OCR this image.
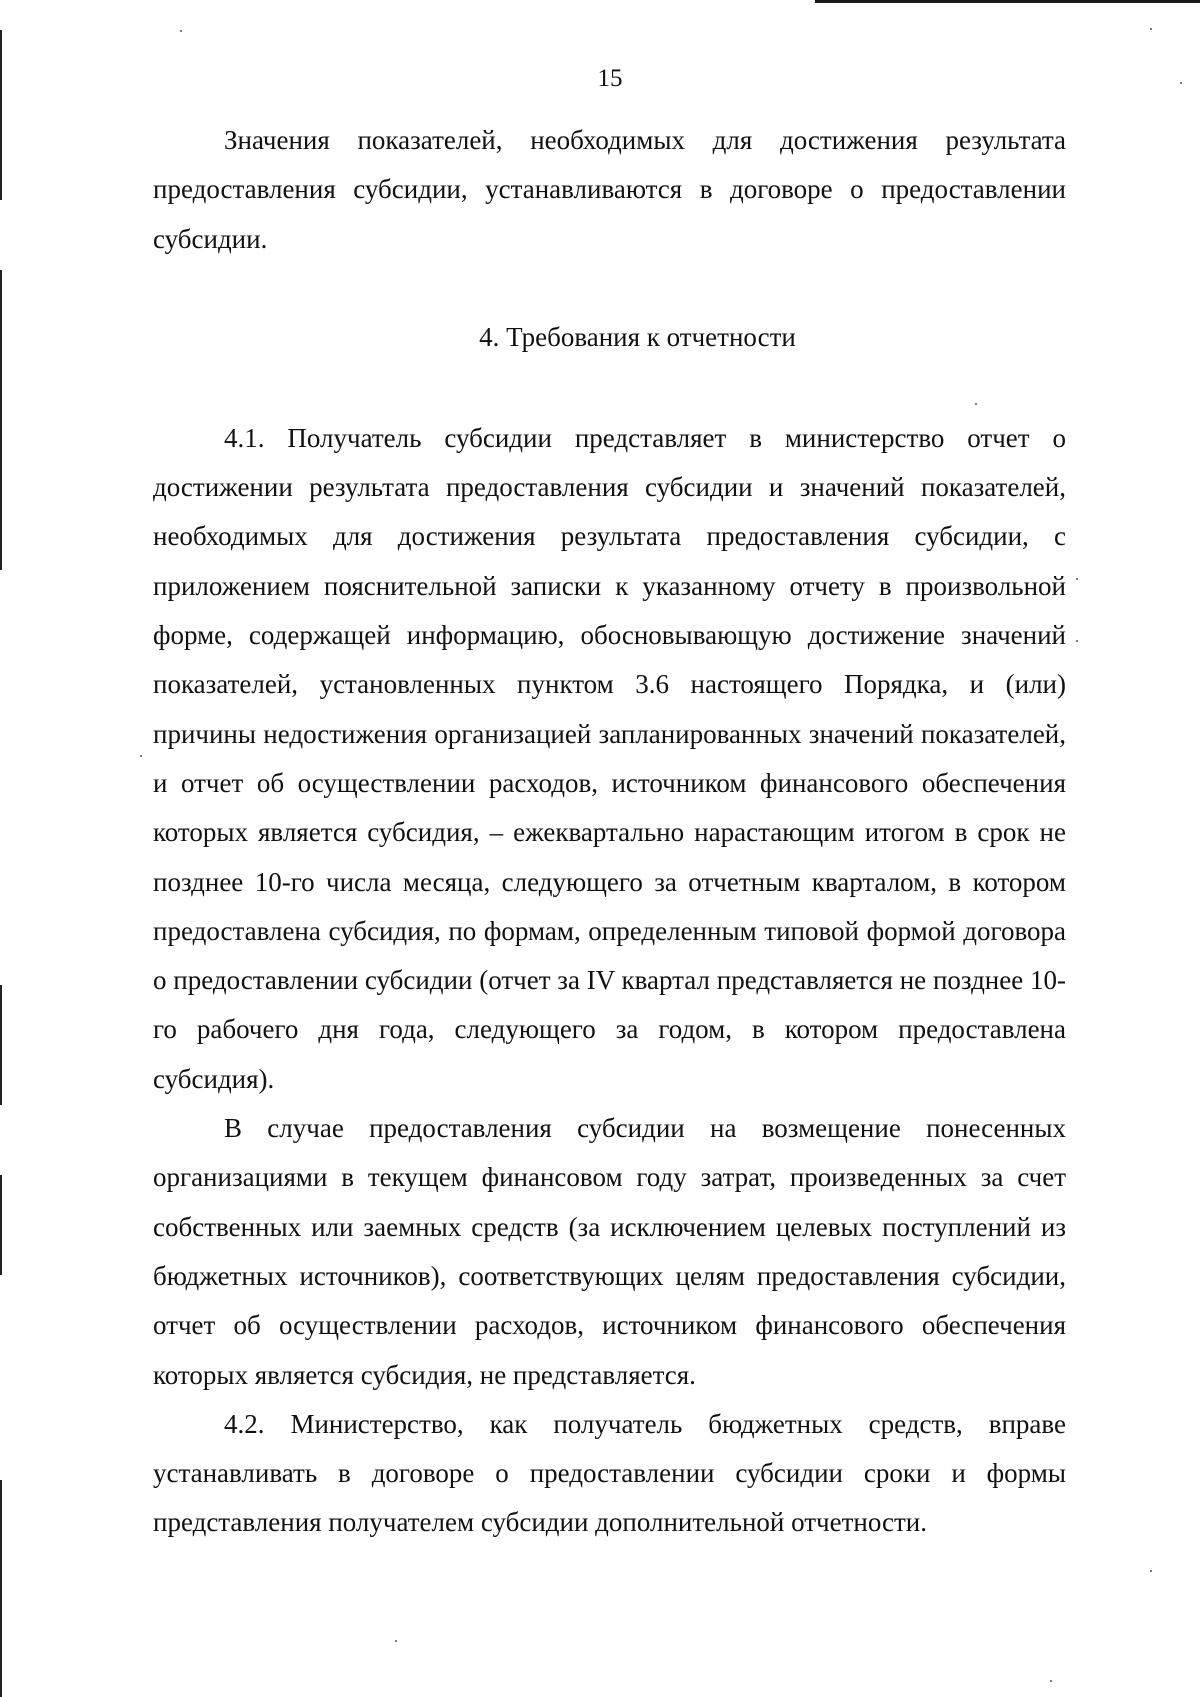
15

Значения показателей, необходимых для достижения результата предоставления субсидии, устанавливаются в договоре о предоставлении субсидии.

4. Требования к отчетности

4.1. Получатель субсидии представляет в министерство отчет о достижении результата предоставления субсидии и значений показателей, необходимых для достижения результата предоставления субсидии, с приложением пояснительной записки к указанному отчету в произвольной форме, содержащей информацию, обосновывающую достижение значений показателей, установленных пунктом 3.6 настоящего Порядка, и (или) причины недостижения организацией запланированных значений показателей, и отчет об осуществлении расходов, источником финансового обеспечения которых является субсидия, – ежеквартально нарастающим итогом в срок не позднее 10-го числа месяца, следующего за отчетным кварталом, в котором предоставлена субсидия, по формам, определенным типовой формой договора о предоставлении субсидии (отчет за IV квартал представляется не позднее 10-го рабочего дня года, следующего за годом, в котором предоставлена субсидия).

В случае предоставления субсидии на возмещение понесенных организациями в текущем финансовом году затрат, произведенных за счет собственных или заемных средств (за исключением целевых поступлений из бюджетных источников), соответствующих целям предоставления субсидии, отчет об осуществлении расходов, источником финансового обеспечения которых является субсидия, не представляется.

4.2. Министерство, как получатель бюджетных средств, вправе устанавливать в договоре о предоставлении субсидии сроки и формы представления получателем субсидии дополнительной отчетности.
